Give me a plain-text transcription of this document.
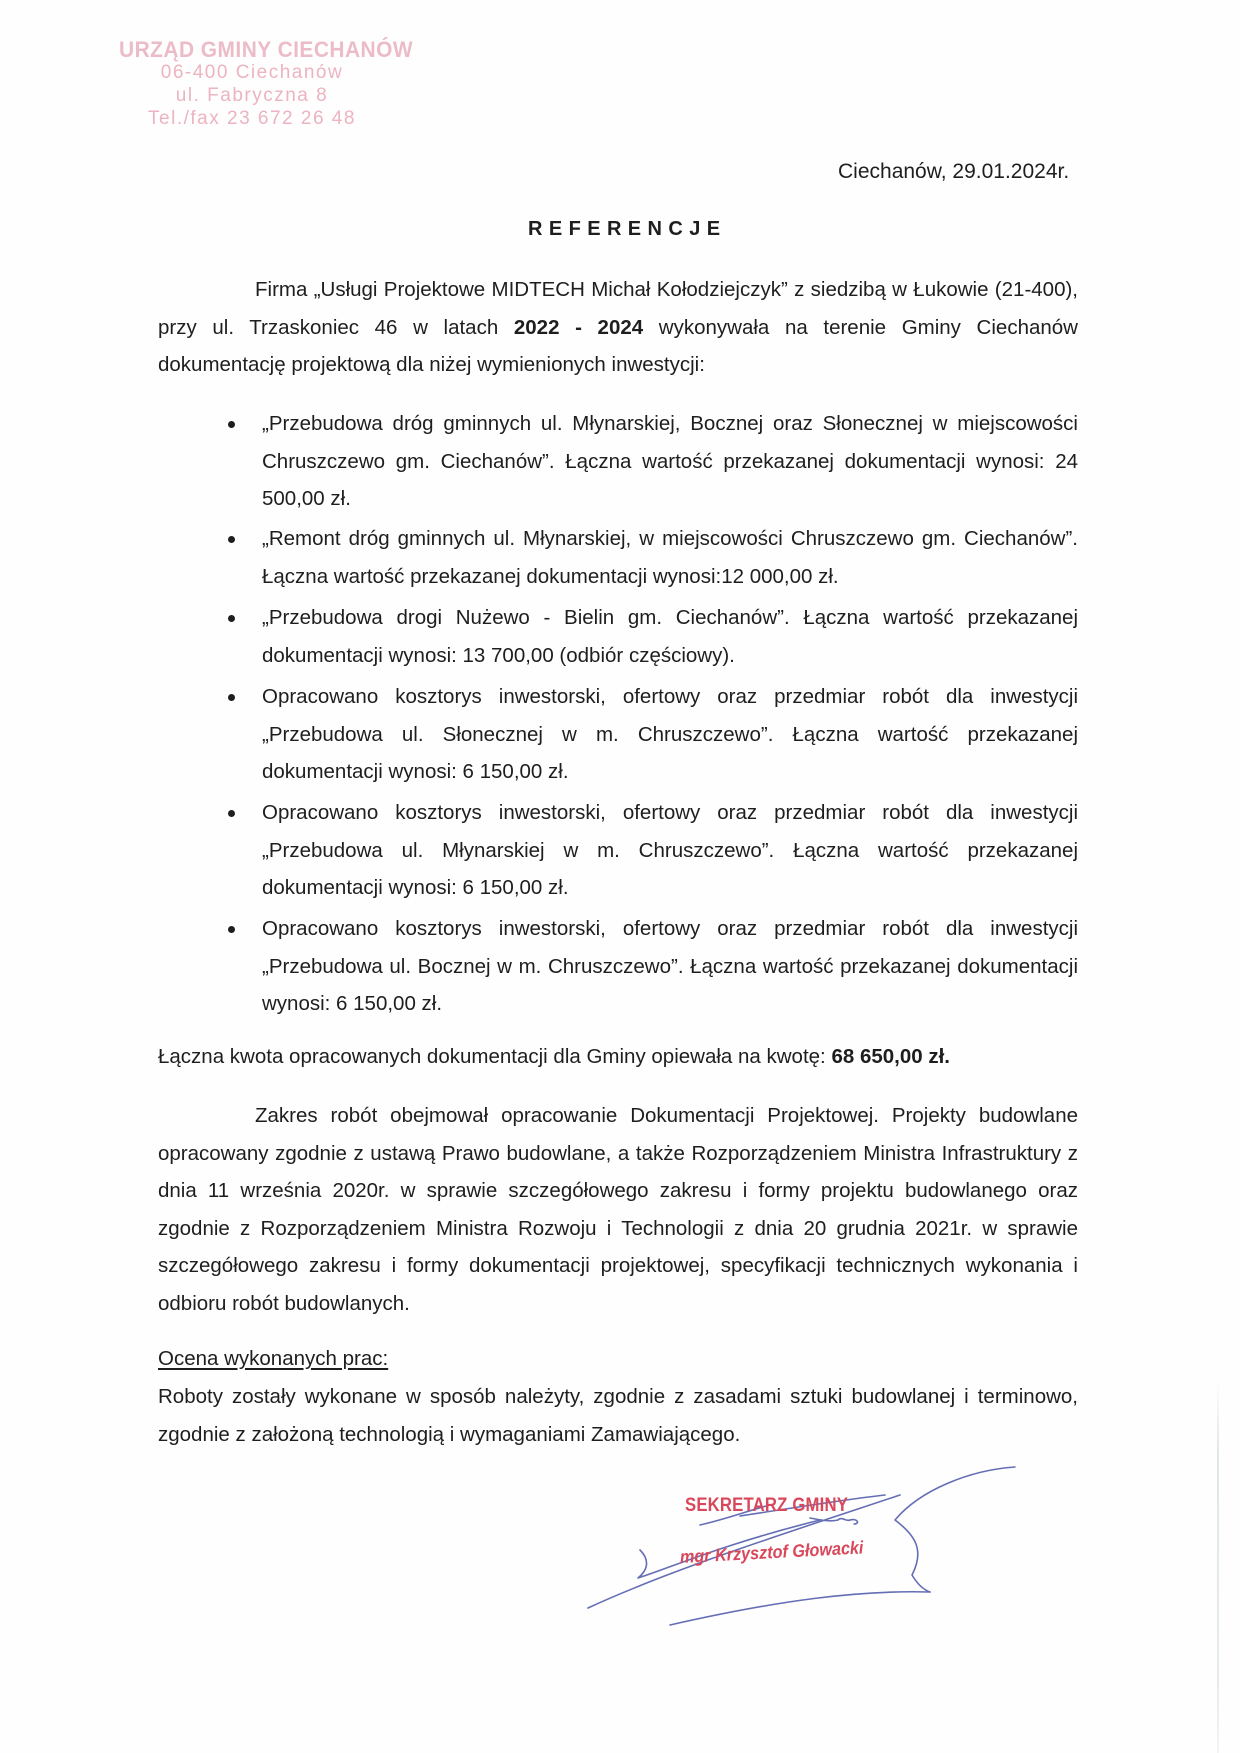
URZĄD GMINY CIECHANÓW
06-400 Ciechanów
ul. Fabryczna 8
Tel./fax 23 672 26 48
Ciechanów, 29.01.2024r.
REFERENCJE

Firma „Usługi Projektowe MIDTECH Michał Kołodziejczyk” z siedzibą w Łukowie (21-400), przy ul. Trzaskoniec 46 w latach 2022 - 2024 wykonywała na terenie Gminy Ciechanów dokumentację projektową dla niżej wymienionych inwestycji:

„Przebudowa dróg gminnych ul. Młynarskiej, Bocznej oraz Słonecznej w miejscowości Chruszczewo gm. Ciechanów”. Łączna wartość przekazanej dokumentacji wynosi: 24 500,00 zł.
„Remont dróg gminnych ul. Młynarskiej, w miejscowości Chruszczewo gm. Ciechanów”. Łączna wartość przekazanej dokumentacji wynosi:12 000,00 zł.
„Przebudowa drogi Nużewo - Bielin gm. Ciechanów”. Łączna wartość przekazanej dokumentacji wynosi: 13 700,00 (odbiór częściowy).
Opracowano kosztorys inwestorski, ofertowy oraz przedmiar robót dla inwestycji „Przebudowa ul. Słonecznej w m. Chruszczewo”. Łączna wartość przekazanej dokumentacji wynosi: 6 150,00 zł.
Opracowano kosztorys inwestorski, ofertowy oraz przedmiar robót dla inwestycji „Przebudowa ul. Młynarskiej w m. Chruszczewo”. Łączna wartość przekazanej dokumentacji wynosi: 6 150,00 zł.
Opracowano kosztorys inwestorski, ofertowy oraz przedmiar robót dla inwestycji „Przebudowa ul. Bocznej w m. Chruszczewo”. Łączna wartość przekazanej dokumentacji wynosi: 6 150,00 zł.
Łączna kwota opracowanych dokumentacji dla Gminy opiewała na kwotę: 68 650,00 zł.

Zakres robót obejmował opracowanie Dokumentacji Projektowej. Projekty budowlane opracowany zgodnie z ustawą Prawo budowlane, a także Rozporządzeniem Ministra Infrastruktury z dnia 11 września 2020r. w sprawie szczegółowego zakresu i formy projektu budowlanego oraz zgodnie z Rozporządzeniem Ministra Rozwoju i Technologii z dnia 20 grudnia 2021r. w sprawie szczegółowego zakresu i formy dokumentacji projektowej, specyfikacji technicznych wykonania i odbioru robót budowlanych.

Ocena wykonanych prac:

Roboty zostały wykonane w sposób należyty, zgodnie z zasadami sztuki budowlanej i terminowo, zgodnie z założoną technologią i wymaganiami Zamawiającego.

SEKRETARZ GMINY
mgr Krzysztof Głowacki
